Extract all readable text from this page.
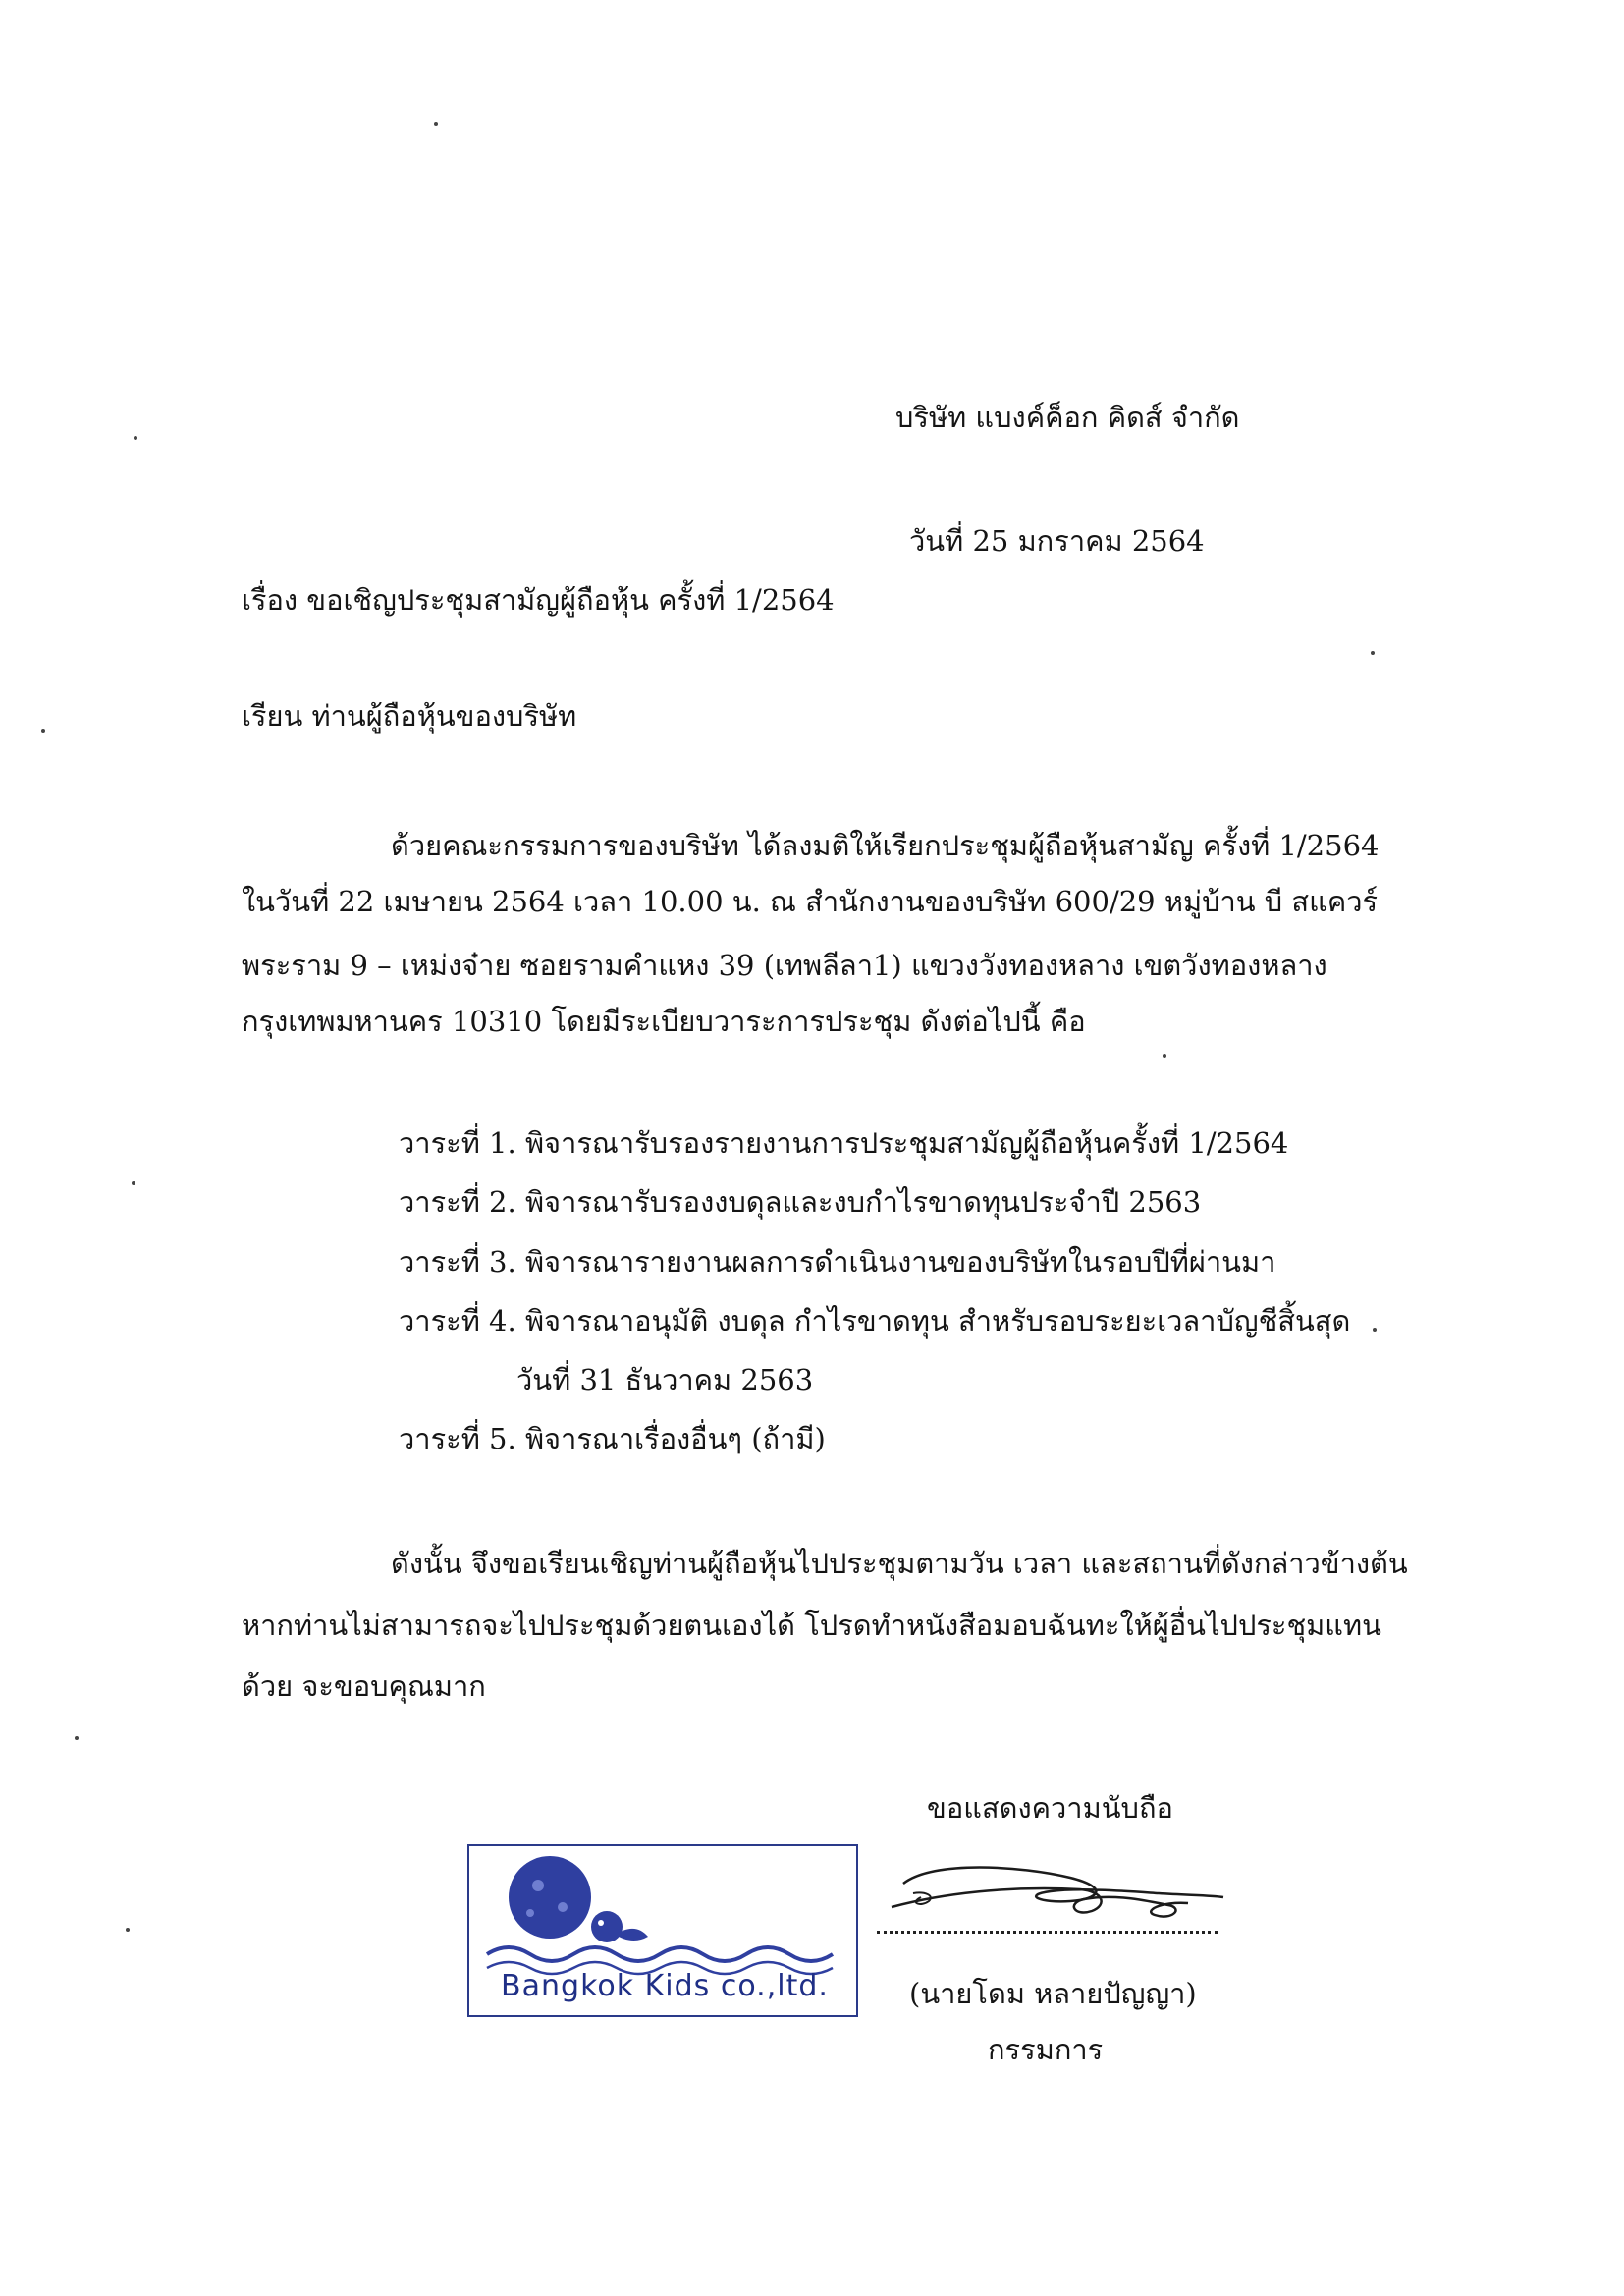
บริษัท แบงค์ค็อก คิดส์ จำกัด
วันที่ 25 มกราคม 2564
เรื่อง ขอเชิญประชุมสามัญผู้ถือหุ้น ครั้งที่ 1/2564
เรียน ท่านผู้ถือหุ้นของบริษัท
ด้วยคณะกรรมการของบริษัท ได้ลงมติให้เรียกประชุมผู้ถือหุ้นสามัญ ครั้งที่ 1/2564
ในวันที่ 22 เมษายน 2564 เวลา 10.00 น. ณ สำนักงานของบริษัท 600/29 หมู่บ้าน บี สแควร์
พระราม 9 – เหม่งจ๋าย ซอยรามคำแหง 39 (เทพลีลา1) แขวงวังทองหลาง เขตวังทองหลาง
กรุงเทพมหานคร 10310 โดยมีระเบียบวาระการประชุม ดังต่อไปนี้ คือ
วาระที่ 1. พิจารณารับรองรายงานการประชุมสามัญผู้ถือหุ้นครั้งที่ 1/2564
วาระที่ 2. พิจารณารับรองงบดุลและงบกำไรขาดทุนประจำปี 2563
วาระที่ 3. พิจารณารายงานผลการดำเนินงานของบริษัทในรอบปีที่ผ่านมา
วาระที่ 4. พิจารณาอนุมัติ งบดุล กำไรขาดทุน สำหรับรอบระยะเวลาบัญชีสิ้นสุด
วันที่ 31 ธันวาคม 2563
วาระที่ 5. พิจารณาเรื่องอื่นๆ (ถ้ามี)
ดังนั้น จึงขอเรียนเชิญท่านผู้ถือหุ้นไปประชุมตามวัน เวลา และสถานที่ดังกล่าวข้างต้น
หากท่านไม่สามารถจะไปประชุมด้วยตนเองได้ โปรดทำหนังสือมอบฉันทะให้ผู้อื่นไปประชุมแทน
ด้วย จะขอบคุณมาก
ขอแสดงความนับถือ
Bangkok Kids co.,ltd.	(นายโดม หลายปัญญา)
กรรมการ
